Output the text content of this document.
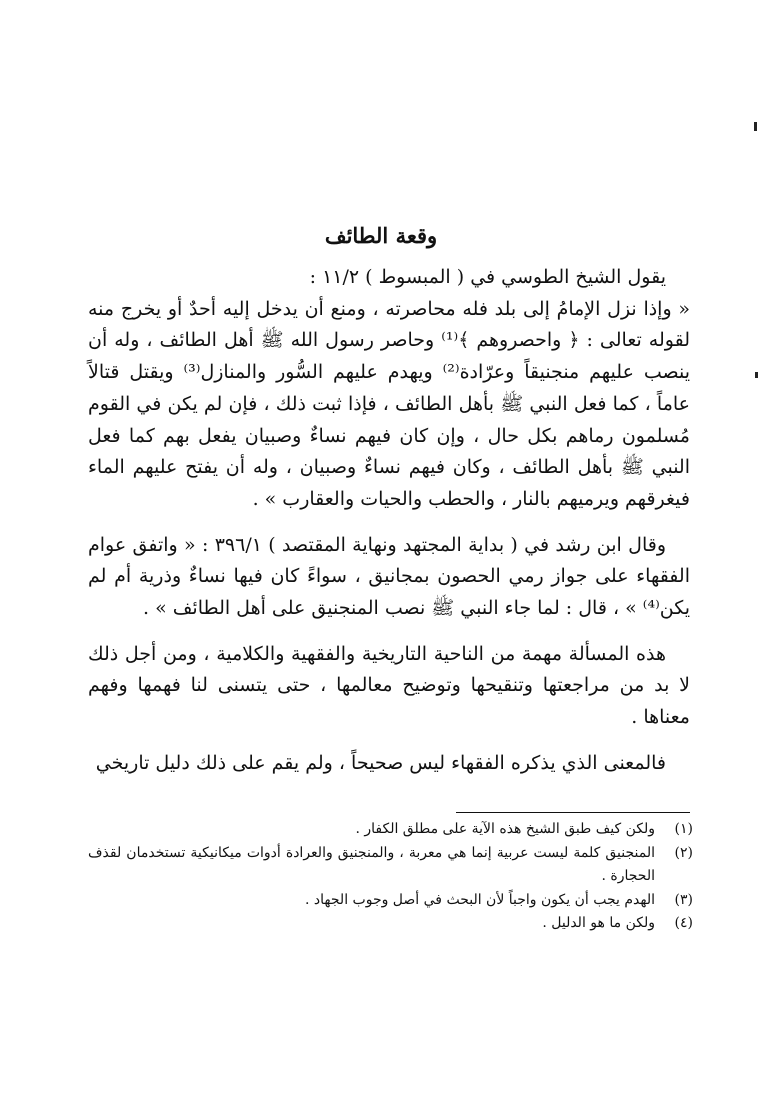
وقعة الطائف

يقول الشيخ الطوسي في ( المبسوط ) ١١/٢ :

« وإذا نزل الإمامُ إلى بلد فله محاصرته ، ومنع أن يدخل إليه أحدٌ أو يخرج منه لقوله تعالى : ﴿ واحصروهم ﴾⁽¹⁾ وحاصر رسول الله ﷺ أهل الطائف ، وله أن ينصب عليهم منجنيقاً وعرّادة⁽²⁾ ويهدم عليهم السُّور والمنازل⁽³⁾ ويقتل قتالاً عاماً ، كما فعل النبي ﷺ بأهل الطائف ، فإذا ثبت ذلك ، فإن لم يكن في القوم مُسلمون رماهم بكل حال ، وإن كان فيهم نساءٌ وصبيان يفعل بهم كما فعل النبي ﷺ بأهل الطائف ، وكان فيهم نساءٌ وصبيان ، وله أن يفتح عليهم الماء فيغرقهم ويرميهم بالنار ، والحطب والحيات والعقارب » .

وقال ابن رشد في ( بداية المجتهد ونهاية المقتصد ) ٣٩٦/١ : « واتفق عوام الفقهاء على جواز رمي الحصون بمجانيق ، سواءً كان فيها نساءٌ وذرية أم لم يكن⁽⁴⁾ » ، قال : لما جاء النبي ﷺ نصب المنجنيق على أهل الطائف » .

هذه المسألة مهمة من الناحية التاريخية والفقهية والكلامية ، ومن أجل ذلك لا بد من مراجعتها وتنقيحها وتوضيح معالمها ، حتى يتسنى لنا فهمها وفهم معناها .

فالمعنى الذي يذكره الفقهاء ليس صحيحاً ، ولم يقم على ذلك دليل تاريخي

(١)
ولكن كيف طبق الشيخ هذه الآية على مطلق الكفار .
(٢)
المنجنيق كلمة ليست عربية إنما هي معربة ، والمنجنيق والعرادة أدوات ميكانيكية تستخدمان لقذف الحجارة .
(٣)
الهدم يجب أن يكون واجباً لأن البحث في أصل وجوب الجهاد .
(٤)
ولكن ما هو الدليل .
